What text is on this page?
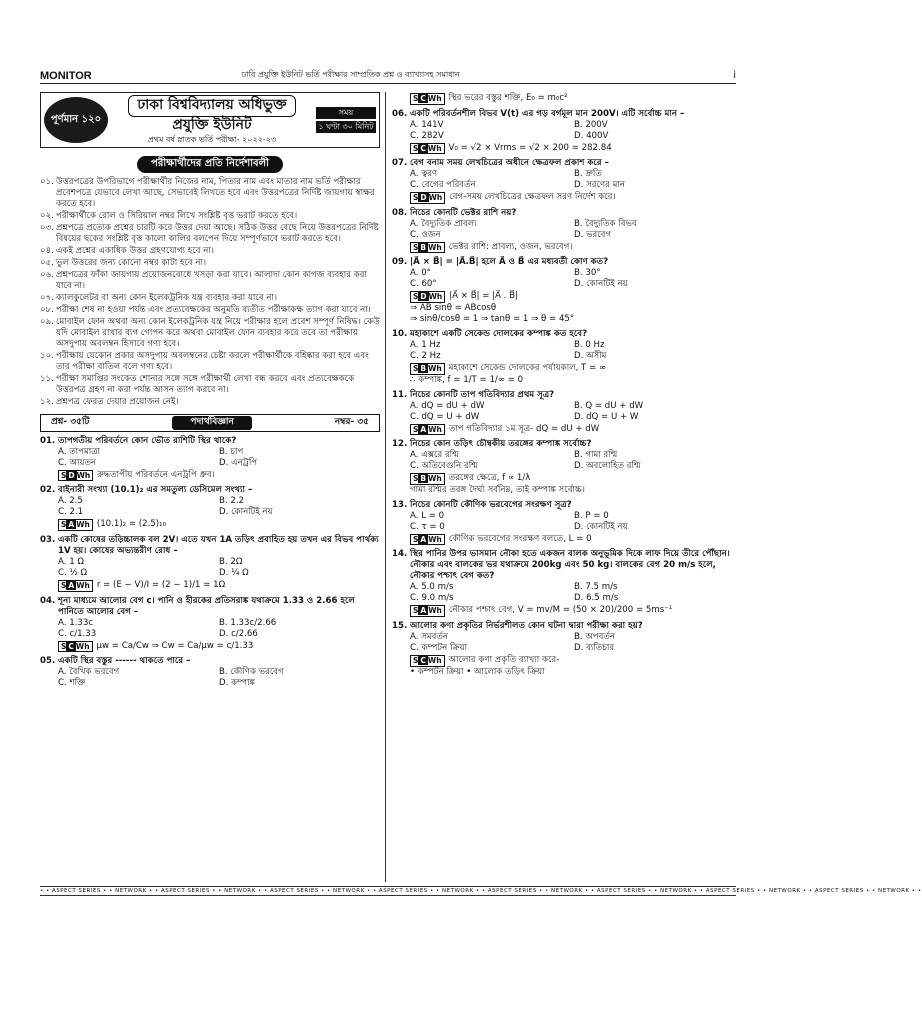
MONITOR	ঢাবি প্রযুক্তি ইউনিট ভর্তি পরীক্ষার সাম্প্রতিক প্রশ্ন ও ব্যাখ্যাসহ সমাধান	i
পূর্ণমান ১২০
ঢাকা বিশ্ববিদ্যালয় অধিভুক্ত
প্রযুক্তি ইউনিট
প্রথম বর্ষ স্নাতক ভর্তি পরীক্ষা- ২০২২-২৩
সময়
১ ঘণ্টা ৩০ মিনিট
পরীক্ষার্থীদের প্রতি নির্দেশাবলী
০১. উত্তরপত্রের উপরিভাগে পরীক্ষার্থীর নিজের নাম, পিতার নাম এবং মাতার নাম ভর্তি পরীক্ষার প্রবেশপত্রে যেভাবে লেখা আছে, সেভাবেই লিখতে হবে এবং উত্তরপত্রের নির্দিষ্ট জায়গায় স্বাক্ষর করতে হবে।
০২. পরীক্ষার্থীকে রোল ও সিরিয়াল নম্বর লিখে সংশ্লিষ্ট বৃত্ত ভরাট করতে হবে।
০৩. প্রশ্নপত্রে প্রত্যেক প্রশ্নের চারটি করে উত্তর দেয়া আছে। সঠিক উত্তর বেছে নিয়ে উত্তরপত্রের নির্দিষ্ট বিষয়ের ছকের সংশ্লিষ্ট বৃত্ত কালো কালির বলপেন দিয়ে সম্পূর্ণভাবে ভরাট করতে হবে।
০৪. একই প্রশ্নের একাধিক উত্তর গ্রহণযোগ্য হবে না।
০৫. ভুল উত্তরের জন্য কোনো নম্বর কাটা হবে না।
০৬. প্রশ্নপত্রের ফাঁকা জায়গায় প্রয়োজনবোধে খসড়া করা যাবে। আলাদা কোন কাগজ ব্যবহার করা যাবে না।
০৭. ক্যালকুলেটর বা অন্য কোন ইলেকট্রনিক যন্ত্র ব্যবহার করা যাবে না।
০৮. পরীক্ষা শেষ না হওয়া পর্যন্ত এবং প্রত্যবেক্ষকের অনুমতি ব্যতীত পরীক্ষাকক্ষ ত্যাগ করা যাবে না।
০৯. মোবাইল ফোন অথবা অন্য কোন ইলেকট্রনিক যন্ত্র নিয়ে পরীক্ষার হলে প্রবেশ সম্পূর্ণ নিষিদ্ধ। কেউ যদি মোবাইল রাখার ব্যগ গোপন করে অথবা মোবাইল ফোন ব্যবহার করে তবে তা পরীক্ষায় অসদুপায় অবলম্বন হিসাবে গণ্য হবে।
১০. পরীক্ষায় যেকোন প্রকার অসদুপায় অবলম্বনের চেষ্টা করলে পরীক্ষার্থীকে বহিষ্কার করা হবে এবং তার পরীক্ষা বাতিল বলে গণ্য হবে।
১১. পরীক্ষা সমাপ্তির সংকেত শোনার সঙ্গে সঙ্গে পরীক্ষার্থী লেখা বন্ধ করবে এবং প্রত্যবেক্ষককে উত্তরপত্র গ্রহণ না করা পর্যন্ত আসন ত্যাগ করবে না।
১২. প্রশ্নপত্র ফেরত দেয়ার প্রয়োজন নেই।
প্রশ্ন- ৩৫টি	পদার্থবিজ্ঞান	নম্বর- ৩৫
01. তাপগতীয় পরিবর্তনে কোন ভৌত রাশিটি স্থির থাকে?
A. তাপমাত্রা	B. চাপ
C. আয়তন	D. এনট্রপি
S D Wh রুদ্ধতাপীয় পরিবর্তনে এনট্রপি ধ্রুব।
02. বাইনারী সংখ্যা (10.1)₂ এর সমতুল্য ডেসিমেল সংখ্যা –
A. 2.5	B. 2.2
C. 2.1	D. কোনটিই নয়
S A Wh (10.1)₂ = (2.5)₁₀
03. একটি কোষের তড়িচ্চালক বল 2V। এতে যখন 1A তড়িৎ প্রবাহিত হয় তখন এর বিভব পার্থক্য 1V হয়। কোষের অভ্যন্তরীণ রোধ –
A. 1 Ω	B. 2Ω
C. ½ Ω	D. ¼ Ω
S A Wh r = (E − V)/I = (2 − 1)/1 = 1Ω
04. শূন্য মাধ্যমে আলোর বেগ c। পানি ও হীরকের প্রতিসরাঙ্ক যথাক্রমে 1.33 ও 2.66 হলে পানিতে আলোর বেগ –
A. 1.33c	B. 1.33c/2.66
C. c/1.33	D. c/2.66
S C Wh μw = Ca/Cw ⇒ Cw = Ca/μw = c/1.33
05. একটি স্থির বস্তুর ------ থাকতে পারে –
A. বৈখিক ভরবেগ	B. কৌণিক ভরবেগ
C. শক্তি	D. কম্পাঙ্ক
S C Wh স্থির ভরের বস্তুর শক্তি, E₀ = m₀c²
06. একটি পরিবর্তনশীল বিভব V(t) এর গড় বর্গমূল মান 200V। এটি সর্বোচ্চ মান –
A. 141V	B. 200V
C. 282V	D. 400V
S C Wh V₀ = √2 × Vrms = √2 × 200 = 282.84
07. বেগ বনাম সময় লেখচিত্রের অধীনে ক্ষেত্রফল প্রকাশ করে –
A. ত্বরণ	B. দ্রুতি
C. বেগের পরিবর্তন	D. সরণের মান
S D Wh বেগ-সময় লেখচিত্রের ক্ষেত্রফল সরণ নির্দেশ করে।
08. নিচের কোনটি ভেক্টর রাশি নয়?
A. বৈদ্যুতিক প্রাবল্য	B. বৈদ্যুতিক বিভব
C. ওজন	D. ভরবেগ
S B Wh ভেক্টর রাশি: প্রাবল্য, ওজন, ভরবেগ।
09. |A⃗ × B⃗| = |A⃗.B⃗| হলে A⃗ ও B⃗ এর মধ্যবর্তী কোণ কত?
A. 0°	B. 30°
C. 60°	D. কোনটিই নয়
S D Wh |A⃗ × B⃗| = |A⃗ . B⃗|
⇒ AB sinθ = ABcosθ
⇒ sinθ/cosθ = 1 ⇒ tanθ = 1 ⇒ θ = 45°
10. মহাকাশে একটি সেকেন্ড দোলকের কম্পাঙ্ক কত হবে?
A. 1 Hz	B. 0 Hz
C. 2 Hz	D. অসীম
S B Wh মহাকাশে সেকেন্ড দোলকের পর্যায়কাল, T = ∞
∴ কম্পাঙ্ক, f = 1/T = 1/∞ = 0
11. নিচের কোনটি তাপ গতিবিদ্যার প্রথম সূত্র?
A. dQ = dU + dW	B. Q = dU + dW
C. dQ = U + dW	D. dQ = U + W
S A Wh তাপ গতিবিদ্যার ১ম সূত্র- dQ = dU + dW
12. নিচের কোন তড়িৎ চৌম্বকীয় তরঙ্গের কম্পাঙ্ক সর্বোচ্চ?
A. এক্সরে রশ্মি	B. গামা রশ্মি
C. অতিবেগুনি রশ্মি	D. অবলোহিত রশ্মি
S B Wh তরঙ্গের ক্ষেত্রে, f ∝ 1/λ
গামা রশ্মির তরঙ্গ দৈর্ঘ্য সর্বনিম্ন, তাই কম্পাঙ্ক সর্বোচ্চ।
13. নিচের কোনটি কৌণিক ভরবেগের সংরক্ষণ সূত্র?
A. L = 0	B. P = 0
C. τ = 0	D. কোনটিই নয়
S A Wh কৌণিক ভরবেগের সংরক্ষণ বলতে, L = 0
14. স্থির পানির উপর ভাসমান নৌকা হতে একজন বালক অনুভূমিক দিকে লাফ দিয়ে তীরে পৌঁছান। নৌকার এবং বালকের ভর যথাক্রমে 200kg এবং 50 kg। বালকের বেগ 20 m/s হলে, নৌকার পশ্চাৎ বেগ কত?
A. 5.0 m/s	B. 7.5 m/s
C. 9.0 m/s	D. 6.5 m/s
S A Wh নৌকার পশ্চাৎ বেগ, V = mv/M = (50 × 20)/200 = 5ms⁻¹
15. আলোর কণা প্রকৃতির নির্ভরশীলত কোন ঘটনা দ্বারা পরীক্ষা করা হয়?
A. সমবর্তন	B. অপবর্তন
C. কম্পটন ক্রিয়া	D. ব্যতিচার
S C Wh আলোর কণা প্রকৃতি ব্যাখ্যা করে-
• কম্পটন ক্রিয়া • আলোক তড়িৎ ক্রিয়া
• • ASPECT SERIES • • NETWORK • • ASPECT SERIES • • NETWORK • • ASPECT SERIES • • NETWORK • • ASPECT SERIES • • NETWORK • • ASPECT SERIES • • NETWORK • • ASPECT SERIES • • NETWORK • • ASPECT SERIES • • NETWORK • • ASPECT SERIES • • NETWORK • •
